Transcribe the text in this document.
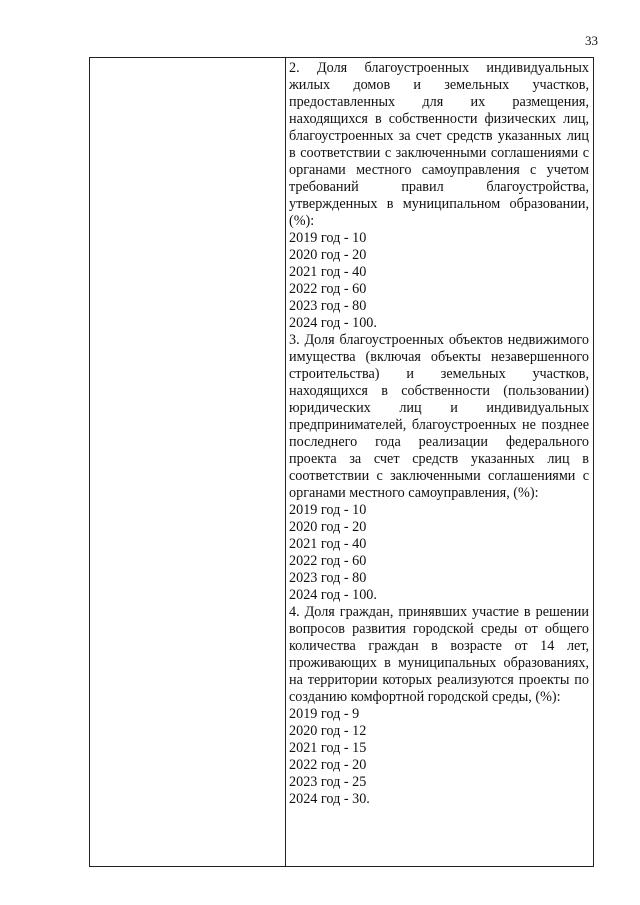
33

2. Доля благоустроенных индивидуальных жилых домов и земельных участков, предоставленных для их размещения, находящихся в собственности физических лиц, благоустроенных за счет средств указанных лиц в соответствии с заключенными соглашениями с органами местного самоуправления с учетом требований правил благоустройства, утвержденных в муниципальном образовании, (%):

2019 год - 10

2020 год - 20

2021 год - 40

2022 год - 60

2023 год - 80

2024 год - 100.

3. Доля благоустроенных объектов недвижимого имущества (включая объекты незавершенного строительства) и земельных участков, находящихся в собственности (пользовании) юридических лиц и индивидуальных предпринимателей, благоустроенных не позднее последнего года реализации федерального проекта за счет средств указанных лиц в соответствии с заключенными соглашениями с органами местного самоуправления, (%):

2019 год - 10

2020 год - 20

2021 год - 40

2022 год - 60

2023 год - 80

2024 год - 100.

4. Доля граждан, принявших участие в решении вопросов развития городской среды от общего количества граждан в возрасте от 14 лет, проживающих в муниципальных образованиях, на территории которых реализуются проекты по созданию комфортной городской среды, (%):

2019 год - 9

2020 год - 12

2021 год - 15

2022 год - 20

2023 год - 25

2024 год - 30.
